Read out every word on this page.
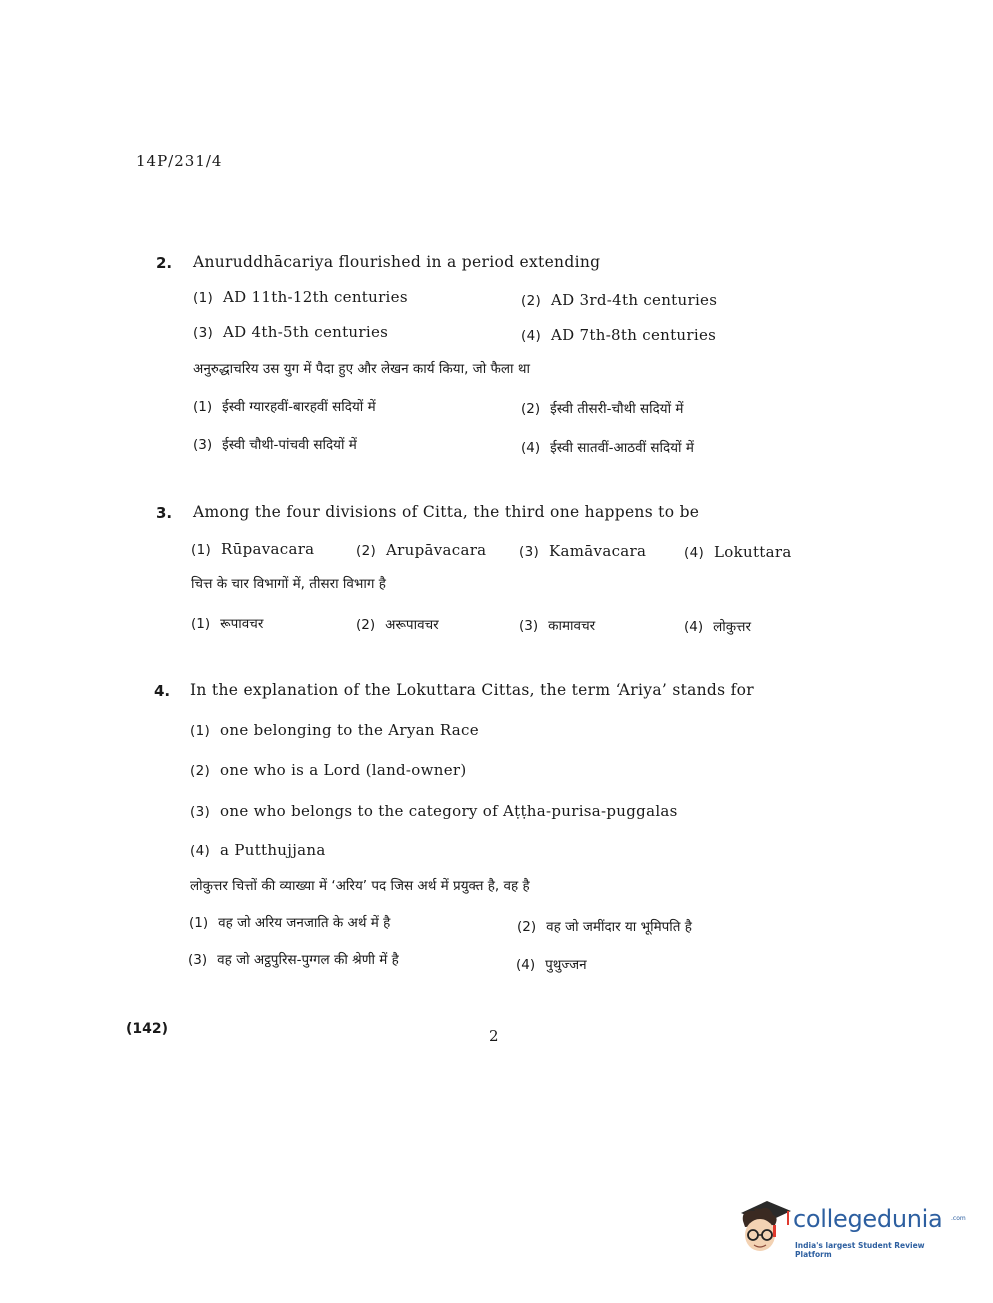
14P/231/4
2. Anuruddhācariya flourished in a period extending
(1) AD 11th-12th centuries	(2) AD 3rd-4th centuries
(3) AD 4th-5th centuries	(4) AD 7th-8th centuries
अनुरुद्धाचरिय उस युग में पैदा हुए और लेखन कार्य किया, जो फैला था
(1) ईस्वी ग्यारहवीं-बारहवीं सदियों में	(2) ईस्वी तीसरी-चौथी सदियों में
(3) ईस्वी चौथी-पांचवी सदियों में	(4) ईस्वी सातवीं-आठवीं सदियों में
3. Among the four divisions of Citta, the third one happens to be
(1) Rūpavacara	(2) Arupāvacara (3) Kamāvacara	(4) Lokuttara
चित्त के चार विभागों में, तीसरा विभाग है
(1) रूपावचर	(2) अरूपावचर	(3) कामावचर	(4) लोकुत्तर
4. In the explanation of the Lokuttara Cittas, the term ‘Ariya’ stands for
(1) one belonging to the Aryan Race
(2) one who is a Lord (land-owner)
(3) one who belongs to the category of Aṭṭha-purisa-puggalas
(4) a Putthujjana
लोकुत्तर चित्तों की व्याख्या में ‘अरिय’ पद जिस अर्थ में प्रयुक्त है, वह है
(1) वह जो अरिय जनजाति के अर्थ में है	(2) वह जो जमींदार या भूमिपति है
(3) वह जो अट्ठपुरिस-पुग्गल की श्रेणी में है	(4) पुथुज्जन
(142)	2
collegedunia .com
India's largest Student Review Platform
